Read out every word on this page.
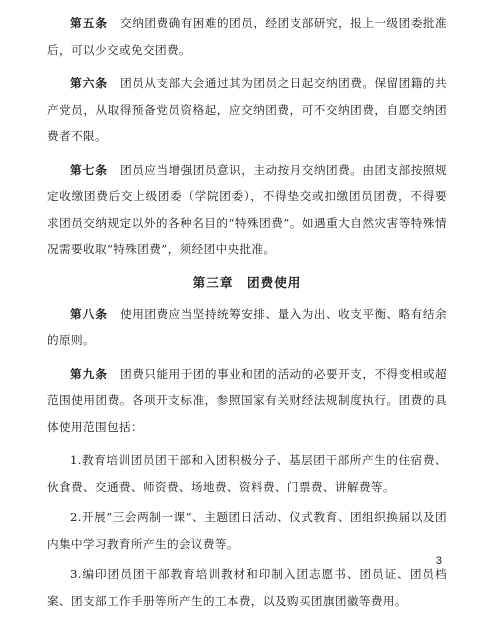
第五条 交纳团费确有困难的团员，经团支部研究，报上一级团委批准后，可以少交或免交团费。

第六条 团员从支部大会通过其为团员之日起交纳团费。保留团籍的共产党员，从取得预备党员资格起，应交纳团费，可不交纳团费，自愿交纳团费者不限。

第七条 团员应当增强团员意识，主动按月交纳团费。由团支部按照规定收缴团费后交上级团委（学院团委），不得垫交或扣缴团员团费，不得要求团员交纳规定以外的各种名目的“特殊团费”。如遇重大自然灾害等特殊情况需要收取“特殊团费”，须经团中央批准。

第三章　团费使用

第八条 使用团费应当坚持统筹安排、量入为出、收支平衡、略有结余的原则。

第九条 团费只能用于团的事业和团的活动的必要开支，不得变相或超范围使用团费。各项开支标准，参照国家有关财经法规制度执行。团费的具体使用范围包括：

1.教育培训团员团干部和入团积极分子、基层团干部所产生的住宿费、伙食费、交通费、师资费、场地费、资料费、门票费、讲解费等。

2.开展“三会两制一课”、主题团日活动、仪式教育、团组织换届以及团内集中学习教育所产生的会议费等。

3.编印团员团干部教育培训教材和印制入团志愿书、团员证、团员档案、团支部工作手册等所产生的工本费，以及购买团旗团徽等费用。

3
